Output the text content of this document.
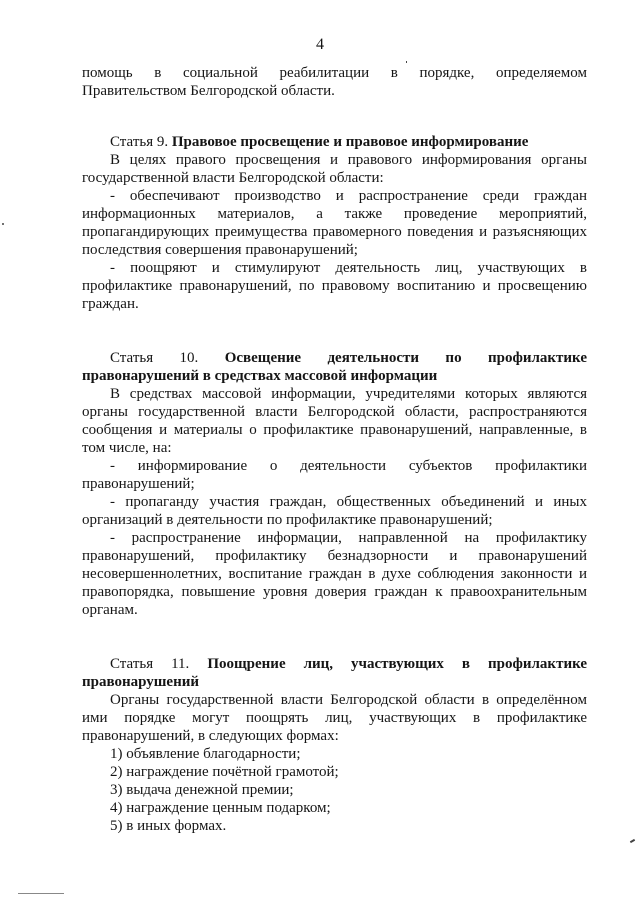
4

помощь в социальной реабилитации в порядке, определяемом Правительством Белгородской области.

Статья 9. Правовое просвещение и правовое информирование

В целях правого просвещения и правового информирования органы государственной власти Белгородской области:

- обеспечивают производство и распространение среди граждан информационных материалов, а также проведение мероприятий, пропагандирующих преимущества правомерного поведения и разъясняющих последствия совершения правонарушений;

- поощряют и стимулируют деятельность лиц, участвующих в профилактике правонарушений, по правовому воспитанию и просвещению граждан.

Статья 10. Освещение деятельности по профилактике правонарушений в средствах массовой информации

В средствах массовой информации, учредителями которых являются органы государственной власти Белгородской области, распространяются сообщения и материалы о профилактике правонарушений, направленные, в том числе, на:

- информирование о деятельности субъектов профилактики правонарушений;

- пропаганду участия граждан, общественных объединений и иных организаций в деятельности по профилактике правонарушений;

- распространение информации, направленной на профилактику правонарушений, профилактику безнадзорности и правонарушений несовершеннолетних, воспитание граждан в духе соблюдения законности и правопорядка, повышение уровня доверия граждан к правоохранительным органам.

Статья 11. Поощрение лиц, участвующих в профилактике правонарушений

Органы государственной власти Белгородской области в определённом ими порядке могут поощрять лиц, участвующих в профилактике правонарушений, в следующих формах:

1) объявление благодарности;

2) награждение почётной грамотой;

3) выдача денежной премии;

4) награждение ценным подарком;

5) в иных формах.
